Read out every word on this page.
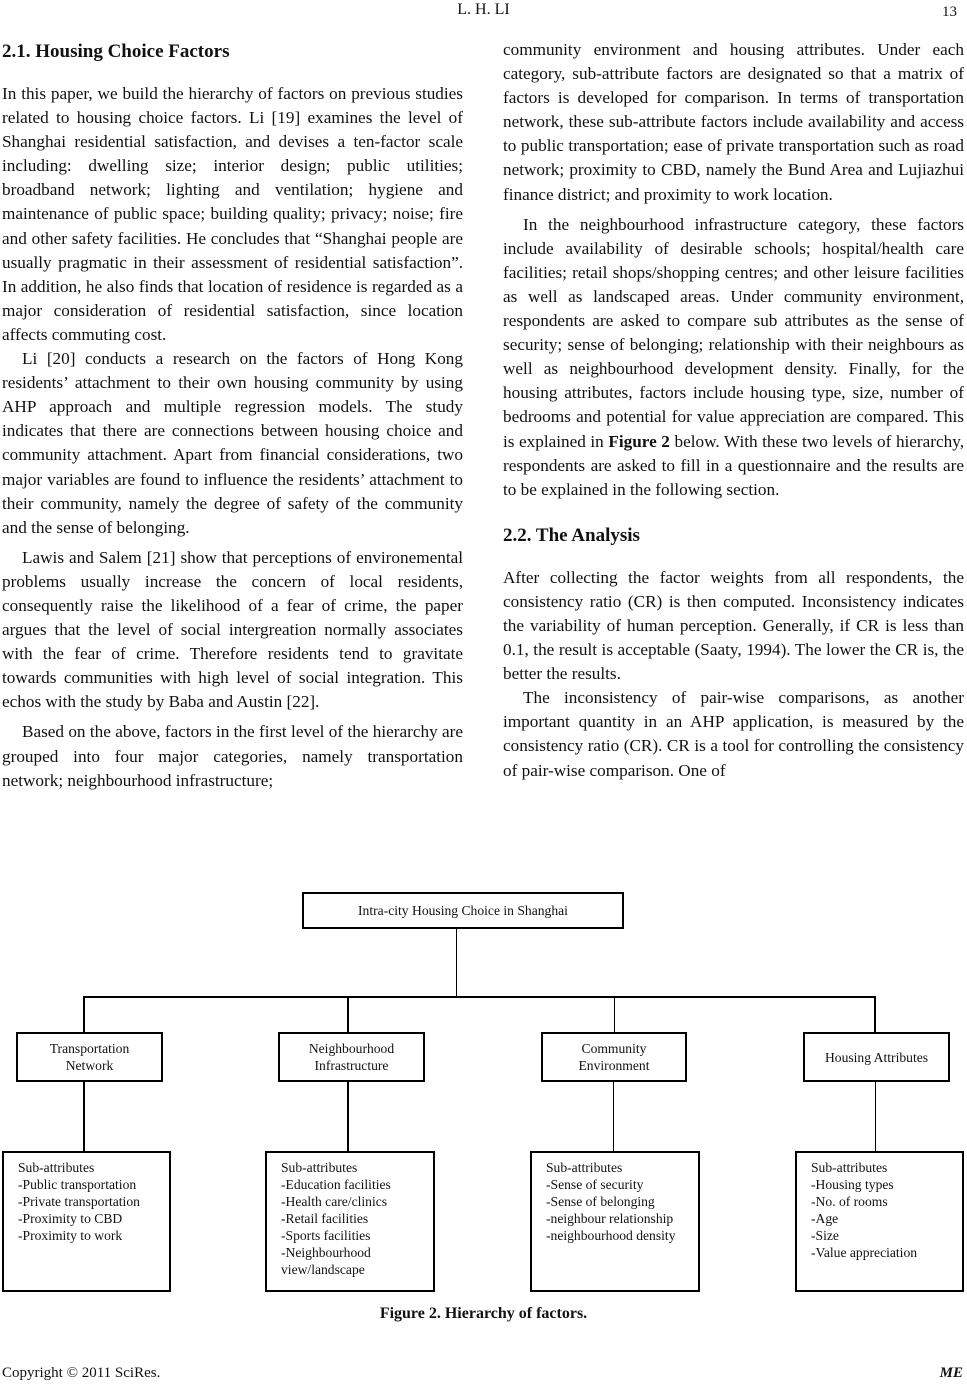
L. H. LI	13
2.1. Housing Choice Factors

In this paper, we build the hierarchy of factors on previous studies related to housing choice factors. Li [19] examines the level of Shanghai residential satisfaction, and devises a ten-factor scale including: dwelling size; interior design; public utilities; broadband network; lighting and ventilation; hygiene and maintenance of public space; building quality; privacy; noise; fire and other safety facilities. He concludes that “Shanghai people are usually pragmatic in their assessment of residential satisfaction”. In addition, he also finds that location of residence is regarded as a major consideration of residential satisfaction, since location affects commuting cost.

Li [20] conducts a research on the factors of Hong Kong residents’ attachment to their own housing community by using AHP approach and multiple regression models. The study indicates that there are connections between housing choice and community attachment. Apart from financial considerations, two major variables are found to influence the residents’ attachment to their community, namely the degree of safety of the community and the sense of belonging.

Lawis and Salem [21] show that perceptions of environemental problems usually increase the concern of local residents, consequently raise the likelihood of a fear of crime, the paper argues that the level of social intergreation normally associates with the fear of crime. Therefore residents tend to gravitate towards communities with high level of social integration. This echos with the study by Baba and Austin [22].

Based on the above, factors in the first level of the hierarchy are grouped into four major categories, namely transportation network; neighbourhood infrastructure;

community environment and housing attributes. Under each category, sub-attribute factors are designated so that a matrix of factors is developed for comparison. In terms of transportation network, these sub-attribute factors include availability and access to public transportation; ease of private transportation such as road network; proximity to CBD, namely the Bund Area and Lujiazhui finance district; and proximity to work location.

In the neighbourhood infrastructure category, these factors include availability of desirable schools; hospital/health care facilities; retail shops/shopping centres; and other leisure facilities as well as landscaped areas. Under community environment, respondents are asked to compare sub attributes as the sense of security; sense of belonging; relationship with their neighbours as well as neighbourhood development density. Finally, for the housing attributes, factors include housing type, size, number of bedrooms and potential for value appreciation are compared. This is explained in Figure 2 below. With these two levels of hierarchy, respondents are asked to fill in a questionnaire and the results are to be explained in the following section.

2.2. The Analysis

After collecting the factor weights from all respondents, the consistency ratio (CR) is then computed. Inconsistency indicates the variability of human perception. Generally, if CR is less than 0.1, the result is acceptable (Saaty, 1994). The lower the CR is, the better the results.

The inconsistency of pair-wise comparisons, as another important quantity in an AHP application, is measured by the consistency ratio (CR). CR is a tool for controlling the consistency of pair-wise comparison. One of

Intra-city Housing Choice in Shanghai
Transportation
Network
Neighbourhood
Infrastructure
Community
Environment
Housing Attributes
Sub-attributes
-Public transportation
-Private transportation
-Proximity to CBD
-Proximity to work
Sub-attributes
-Education facilities
-Health care/clinics
-Retail facilities
-Sports facilities
-Neighbourhood
view/landscape
Sub-attributes
-Sense of security
-Sense of belonging
-neighbour relationship
-neighbourhood density
Sub-attributes
-Housing types
-No. of rooms
-Age
-Size
-Value appreciation
Figure 2. Hierarchy of factors.
Copyright © 2011 SciRes.	ME
